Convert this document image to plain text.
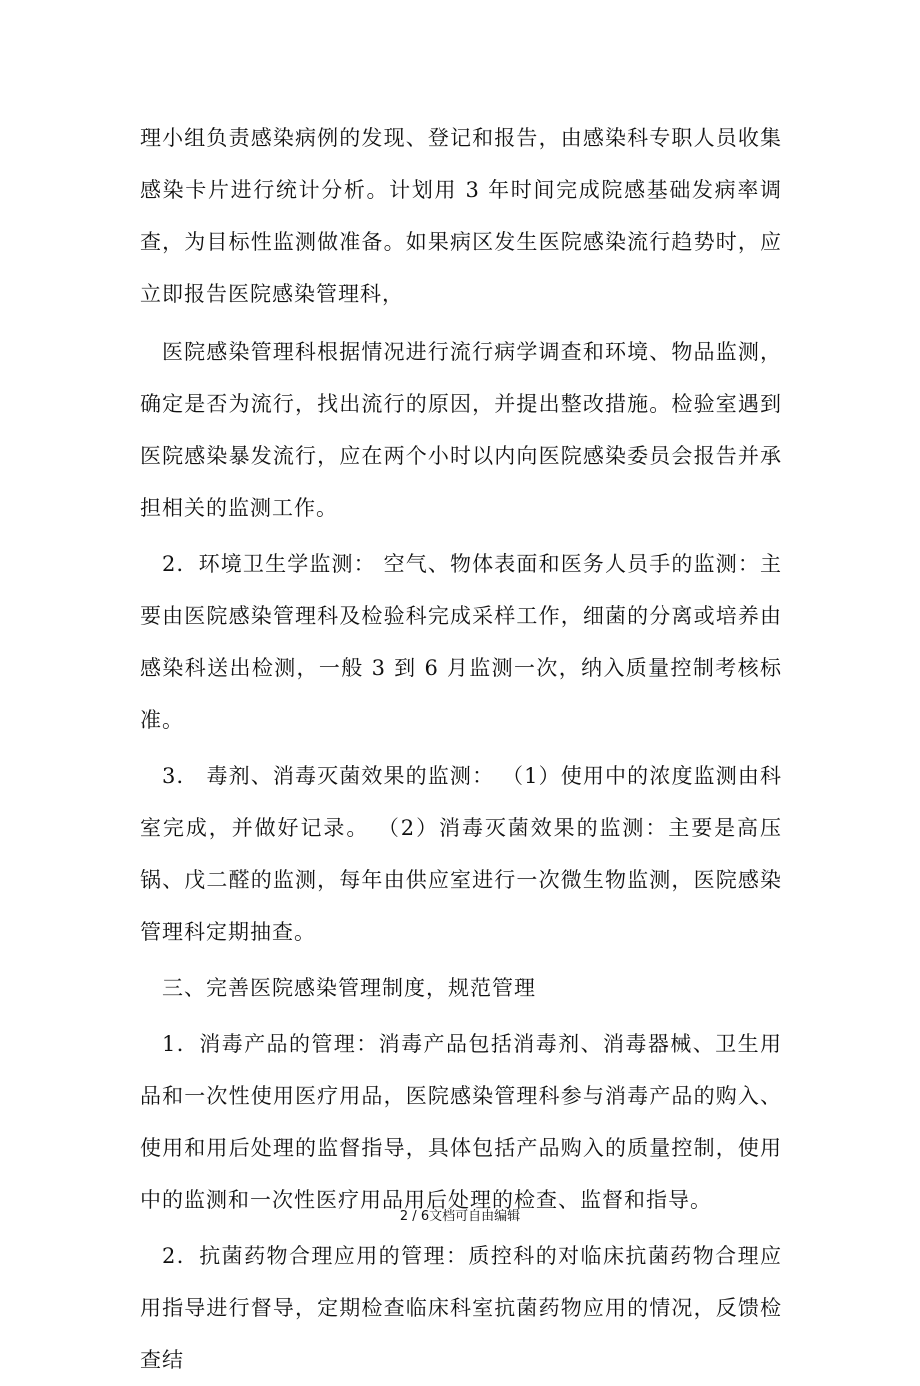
理小组负责感染病例的发现、登记和报告，由感染科专职人员收集感染卡片进行统计分析。计划用 3 年时间完成院感基础发病率调查，为目标性监测做准备。如果病区发生医院感染流行趋势时，应立即报告医院感染管理科，

医院感染管理科根据情况进行流行病学调查和环境、物品监测，确定是否为流行，找出流行的原因，并提出整改措施。检验室遇到医院感染暴发流行，应在两个小时以内向医院感染委员会报告并承担相关的监测工作。

2．环境卫生学监测： 空气、物体表面和医务人员手的监测：主要由医院感染管理科及检验科完成采样工作，细菌的分离或培养由感染科送出检测，一般 3 到 6 月监测一次，纳入质量控制考核标准。

3． 毒剂、消毒灭菌效果的监测： （1）使用中的浓度监测由科室完成，并做好记录。 （2）消毒灭菌效果的监测：主要是高压锅、戊二醛的监测，每年由供应室进行一次微生物监测，医院感染管理科定期抽查。

三、完善医院感染管理制度，规范管理

1．消毒产品的管理：消毒产品包括消毒剂、消毒器械、卫生用品和一次性使用医疗用品，医院感染管理科参与消毒产品的购入、使用和用后处理的监督指导，具体包括产品购入的质量控制，使用中的监测和一次性医疗用品用后处理的检查、监督和指导。

2．抗菌药物合理应用的管理：质控科的对临床抗菌药物合理应用指导进行督导，定期检查临床科室抗菌药物应用的情况，反馈检查结

2 / 6文档可自由编辑
